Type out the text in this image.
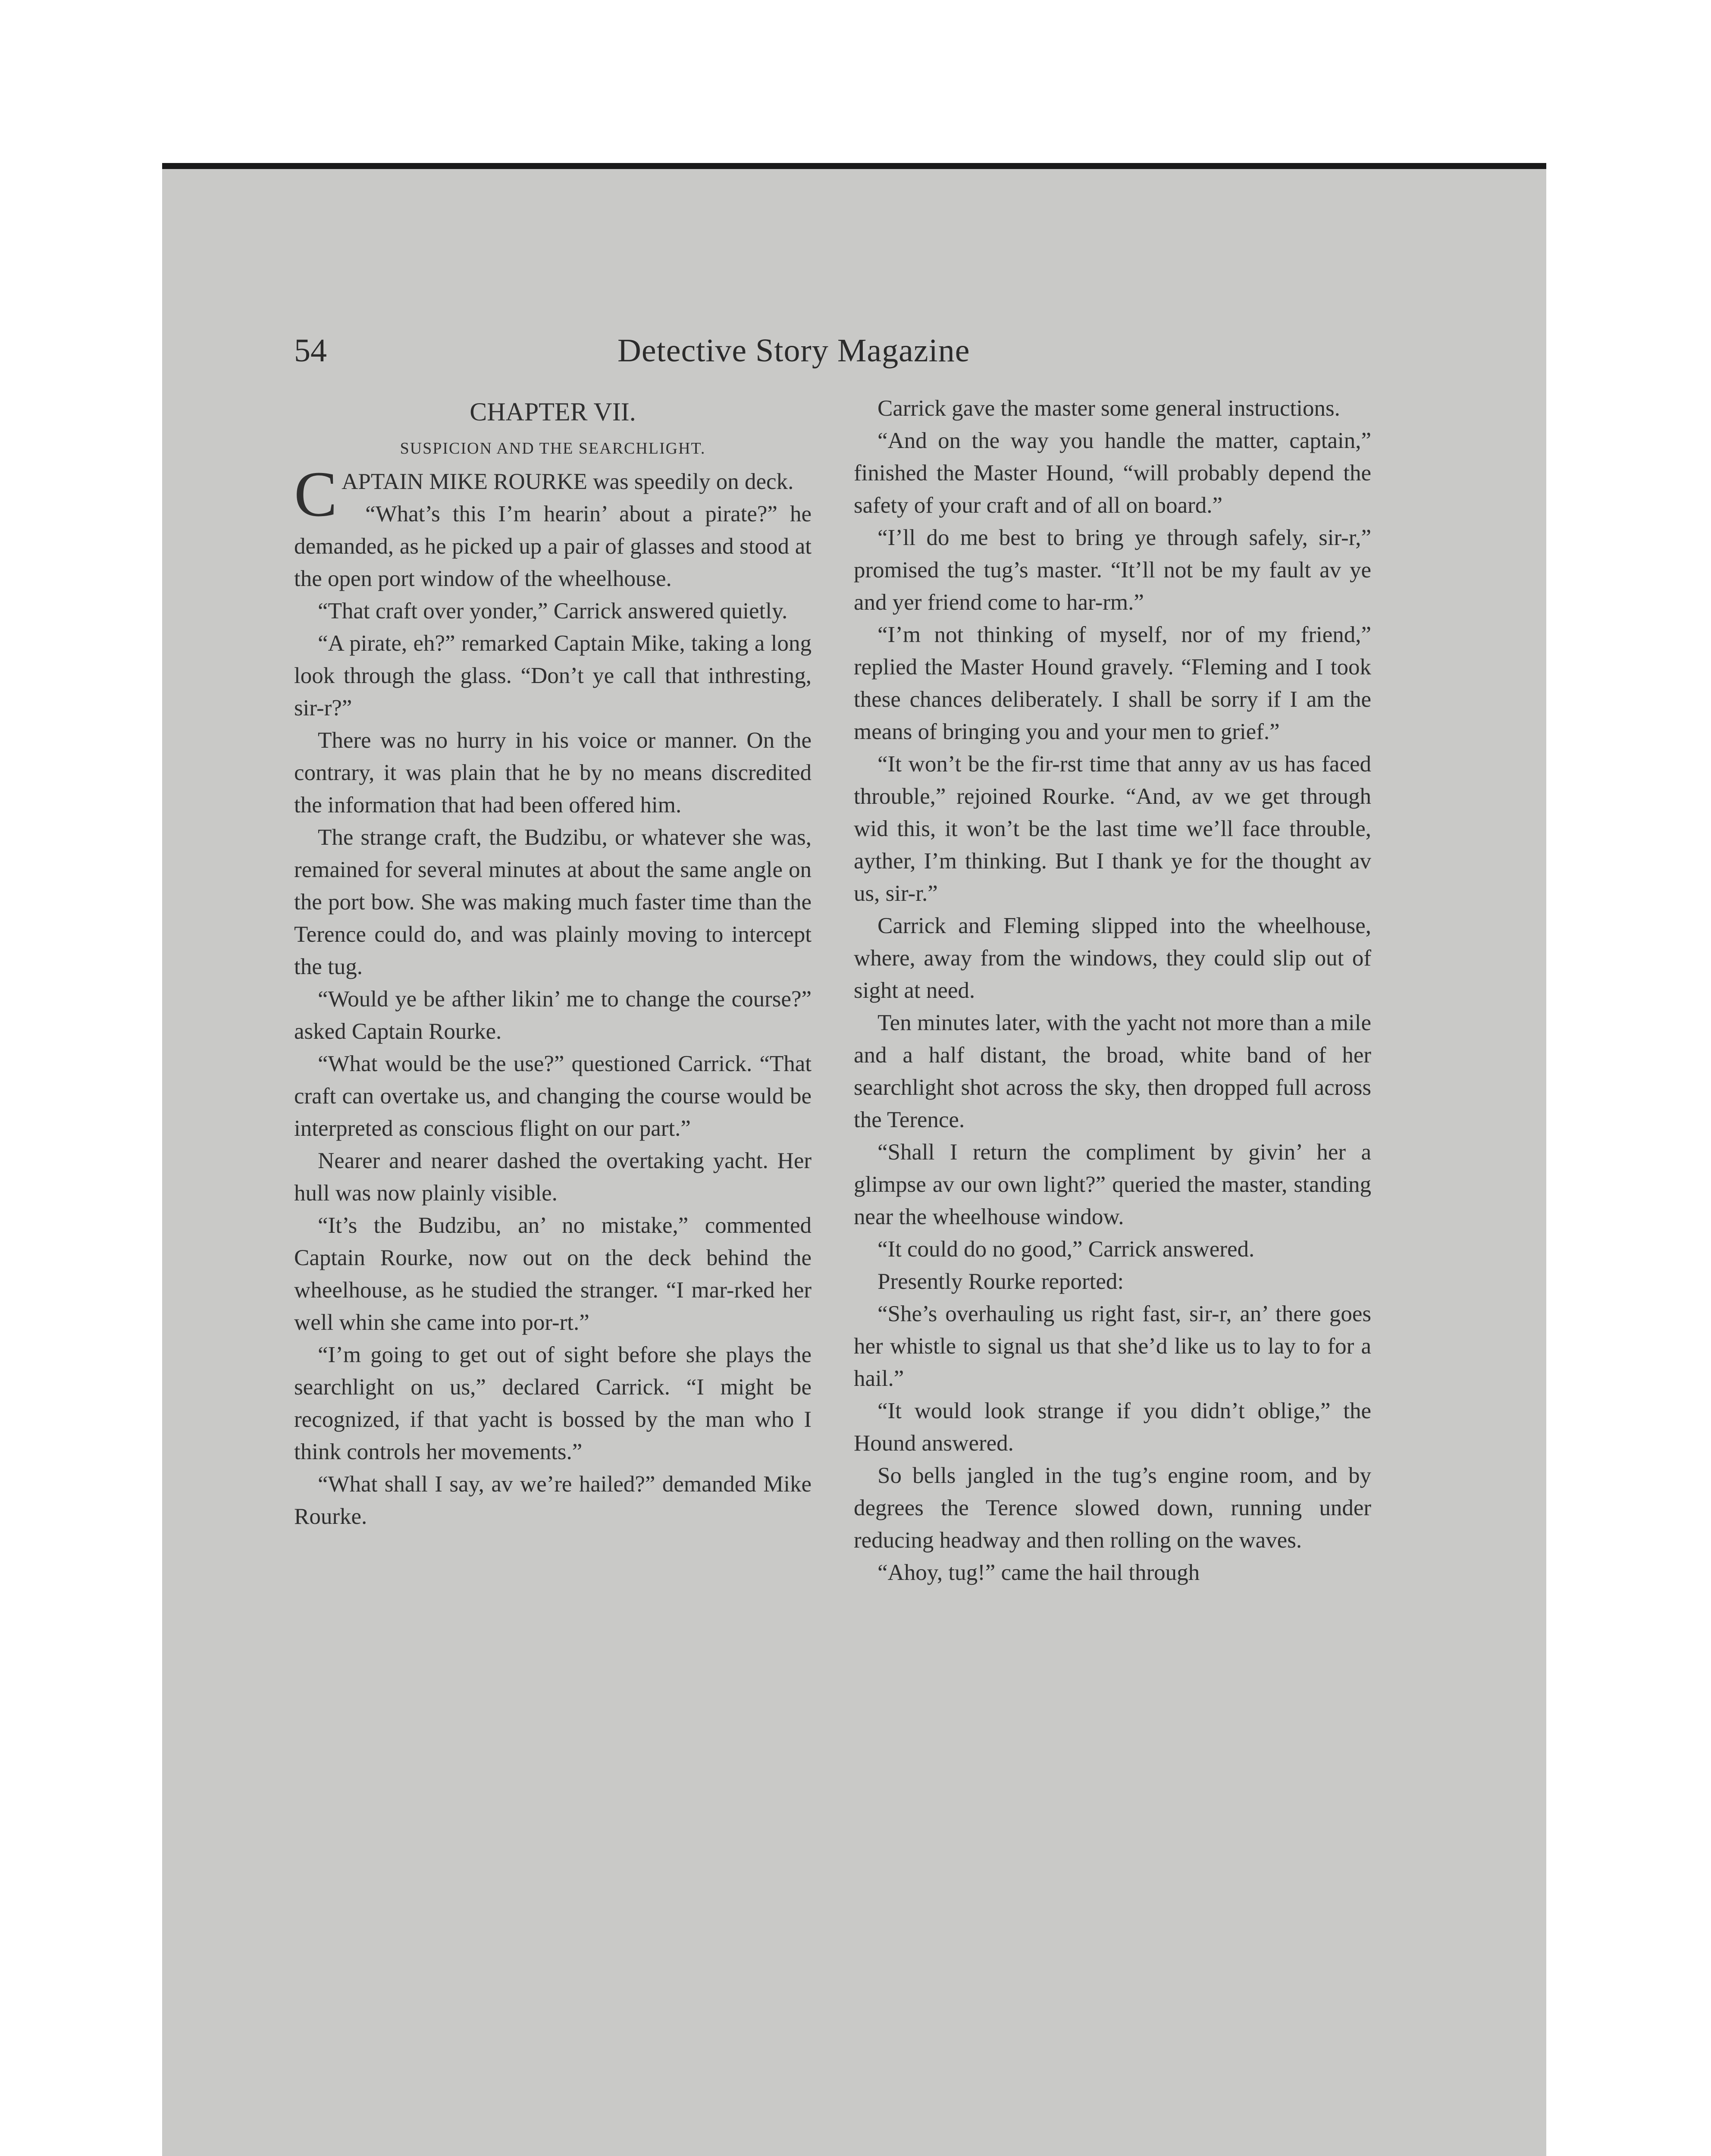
54	Detective Story Magazine
CHAPTER VII.
SUSPICION AND THE SEARCHLIGHT.

CAPTAIN MIKE ROURKE was speedily on deck.

“What’s this I’m hearin’ about a pirate?” he demanded, as he picked up a pair of glasses and stood at the open port window of the wheelhouse.

“That craft over yonder,” Carrick answered quietly.

“A pirate, eh?” remarked Captain Mike, taking a long look through the glass. “Don’t ye call that inthresting, sir-r?”

There was no hurry in his voice or manner. On the contrary, it was plain that he by no means discredited the information that had been offered him.

The strange craft, the Budzibu, or whatever she was, remained for several minutes at about the same angle on the port bow. She was making much faster time than the Terence could do, and was plainly moving to intercept the tug.

“Would ye be afther likin’ me to change the course?” asked Captain Rourke.

“What would be the use?” questioned Carrick. “That craft can overtake us, and changing the course would be interpreted as conscious flight on our part.”

Nearer and nearer dashed the overtaking yacht. Her hull was now plainly visible.

“It’s the Budzibu, an’ no mistake,” commented Captain Rourke, now out on the deck behind the wheelhouse, as he studied the stranger. “I mar-rked her well whin she came into por-rt.”

“I’m going to get out of sight before she plays the searchlight on us,” declared Carrick. “I might be recognized, if that yacht is bossed by the man who I think controls her movements.”

“What shall I say, av we’re hailed?” demanded Mike Rourke.

Carrick gave the master some general instructions.

“And on the way you handle the matter, captain,” finished the Master Hound, “will probably depend the safety of your craft and of all on board.”

“I’ll do me best to bring ye through safely, sir-r,” promised the tug’s master. “It’ll not be my fault av ye and yer friend come to har-rm.”

“I’m not thinking of myself, nor of my friend,” replied the Master Hound gravely. “Fleming and I took these chances deliberately. I shall be sorry if I am the means of bringing you and your men to grief.”

“It won’t be the fir-rst time that anny av us has faced throuble,” rejoined Rourke. “And, av we get through wid this, it won’t be the last time we’ll face throuble, ayther, I’m thinking. But I thank ye for the thought av us, sir-r.”

Carrick and Fleming slipped into the wheelhouse, where, away from the windows, they could slip out of sight at need.

Ten minutes later, with the yacht not more than a mile and a half distant, the broad, white band of her searchlight shot across the sky, then dropped full across the Terence.

“Shall I return the compliment by givin’ her a glimpse av our own light?” queried the master, standing near the wheelhouse window.

“It could do no good,” Carrick answered.

Presently Rourke reported:

“She’s overhauling us right fast, sir-r, an’ there goes her whistle to signal us that she’d like us to lay to for a hail.”

“It would look strange if you didn’t oblige,” the Hound answered.

So bells jangled in the tug’s engine room, and by degrees the Terence slowed down, running under reducing headway and then rolling on the waves.

“Ahoy, tug!” came the hail through
